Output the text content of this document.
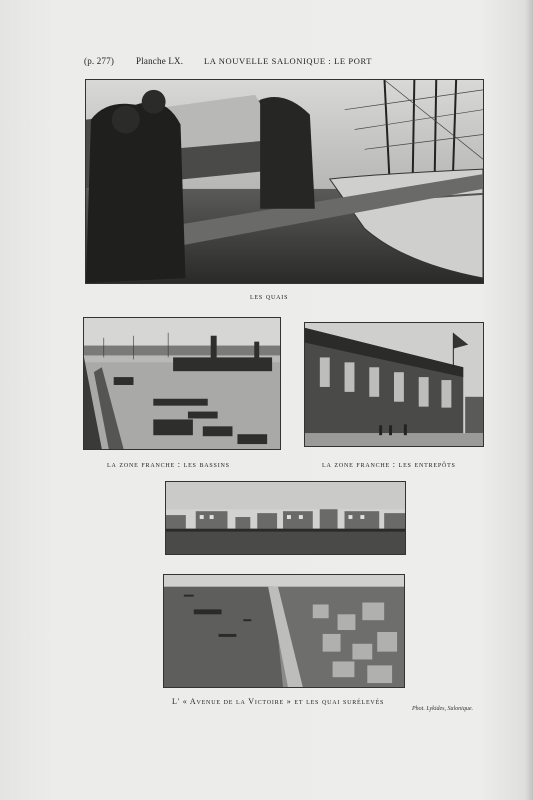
(p. 277) Planche LX. LA NOUVELLE SALONIQUE : LE PORT
les quais
la zone franche : les bassins	la zone franche : les entrepôts
L' « Avenue de la Victoire » et les quai surélevés
Phot. Lykides, Salonique.
